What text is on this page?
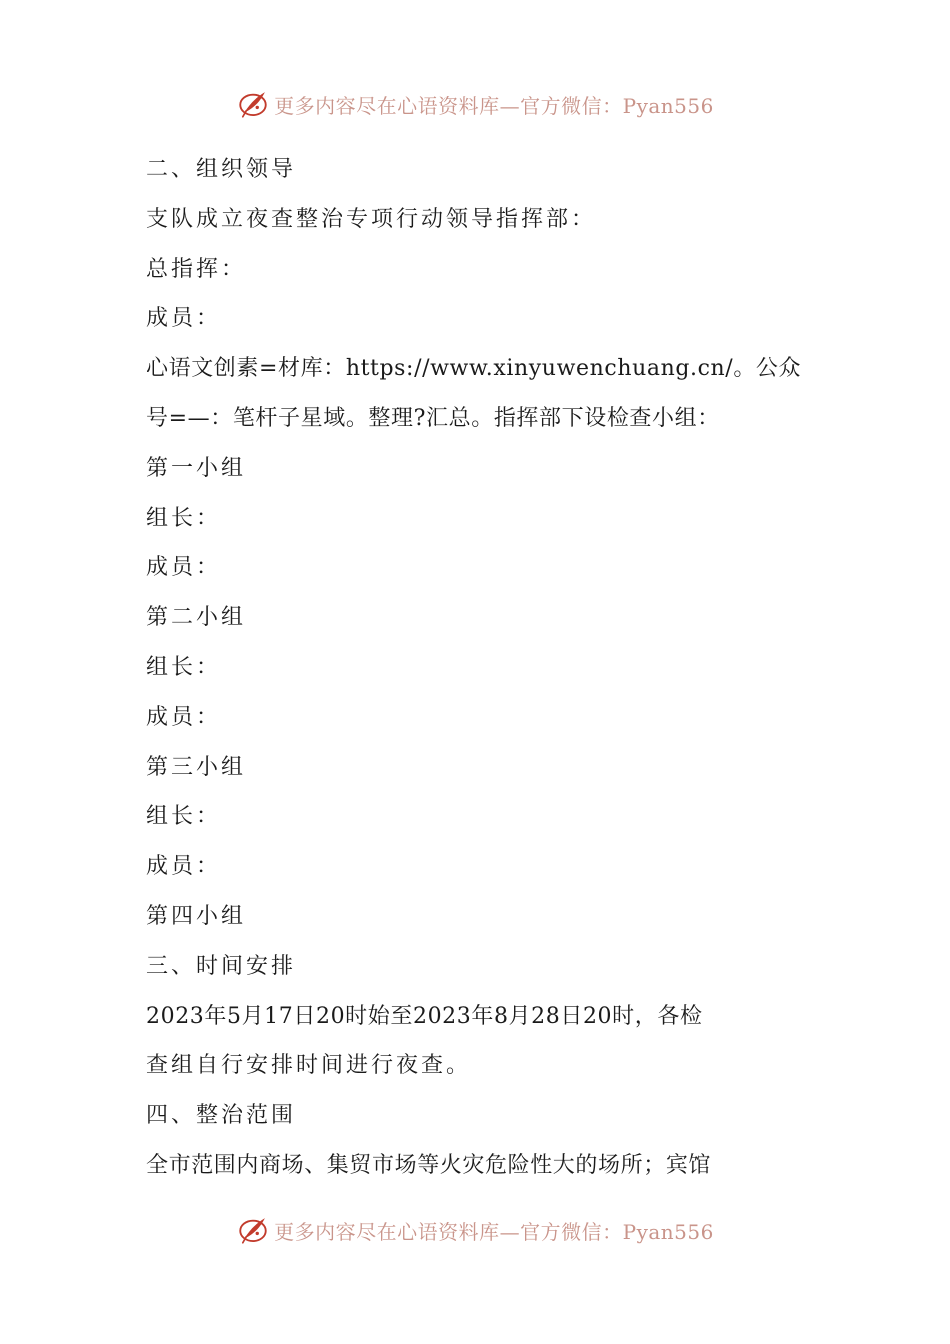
更多内容尽在心语资料库—官方微信：Pyan556
二、组织领导
支队成立夜查整治专项行动领导指挥部：
总指挥：
成员：
心语文创素=材库：https://www.xinyuwenchuang.cn/。公众
号=—：笔杆子星域。整理?汇总。指挥部下设检查小组：
第一小组
组长：
成员：
第二小组
组长：
成员：
第三小组
组长：
成员：
第四小组
三、时间安排
2023年5月17日20时始至2023年8月28日20时，各检
查组自行安排时间进行夜查。
四、整治范围
全市范围内商场、集贸市场等火灾危险性大的场所；宾馆
更多内容尽在心语资料库—官方微信：Pyan556
